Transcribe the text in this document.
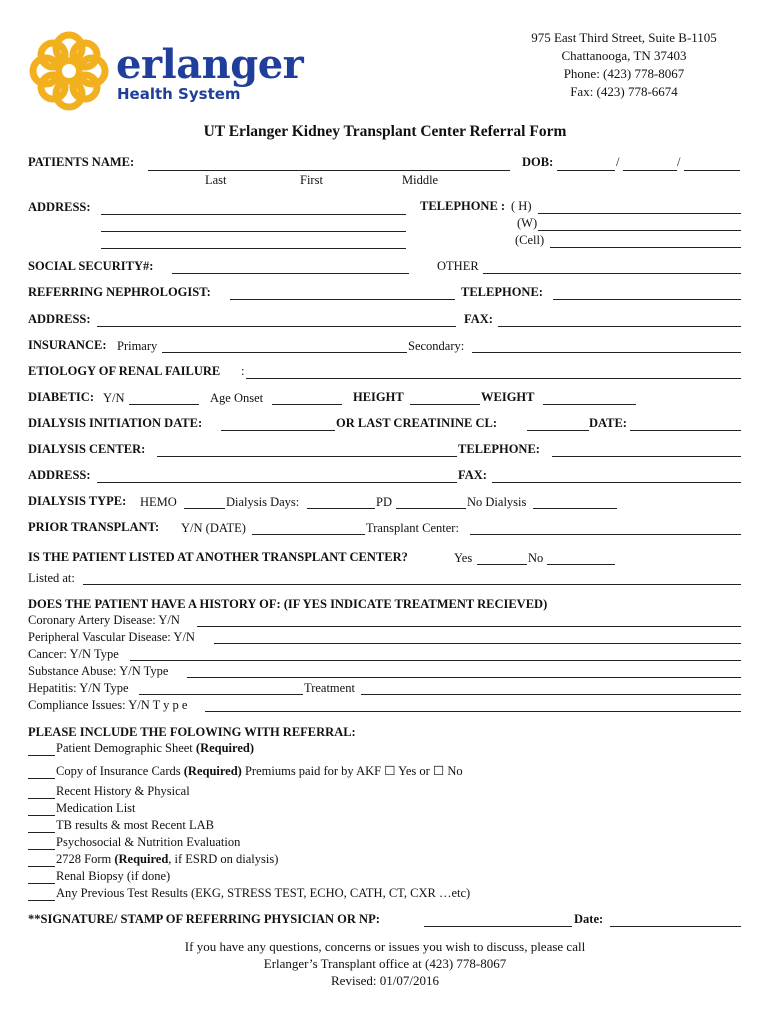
erlanger
Health System
975 East Third Street, Suite B-1105
Chattanooga, TN 37403
Phone: (423) 778-8067
Fax: (423) 778-6674
UT Erlanger Kidney Transplant Center Referral Form
PATIENTS NAME:	DOB:	/	/
Last	First	Middle
ADDRESS:	TELEPHONE : ( H)
(W)
(Cell)
SOCIAL SECURITY#:	OTHER
REFERRING NEPHROLOGIST:	TELEPHONE:
ADDRESS:	FAX:
INSURANCE: Primary	Secondary:
ETIOLOGY OF RENAL FAILURE :
DIABETIC: Y/N	Age Onset	HEIGHT	WEIGHT
DIALYSIS INITIATION DATE:	OR LAST CREATININE CL:	DATE:
DIALYSIS CENTER:	TELEPHONE:
ADDRESS:	FAX:
DIALYSIS TYPE: HEMO	Dialysis Days:	PD	No Dialysis
PRIOR TRANSPLANT: Y/N (DATE)	Transplant Center:
IS THE PATIENT LISTED AT ANOTHER TRANSPLANT CENTER?	Yes	No
Listed at:
DOES THE PATIENT HAVE A HISTORY OF: (IF YES INDICATE TREATMENT RECIEVED)
Coronary Artery Disease: Y/N
Peripheral Vascular Disease: Y/N
Cancer: Y/N Type
Substance Abuse: Y/N Type
Hepatitis: Y/N Type	Treatment
Compliance Issues: Y/N T y p e
PLEASE INCLUDE THE FOLOWING WITH REFERRAL:
Patient Demographic Sheet (Required)
Copy of Insurance Cards (Required) Premiums paid for by AKF ☐ Yes or ☐ No
Recent History & Physical
Medication List
TB results & most Recent LAB
Psychosocial & Nutrition Evaluation
2728 Form (Required, if ESRD on dialysis)
Renal Biopsy (if done)
Any Previous Test Results (EKG, STRESS TEST, ECHO, CATH, CT, CXR …etc)
**SIGNATURE/ STAMP OF REFERRING PHYSICIAN OR NP:	Date:
If you have any questions, concerns or issues you wish to discuss, please call
Erlanger’s Transplant office at (423) 778-8067
Revised: 01/07/2016
